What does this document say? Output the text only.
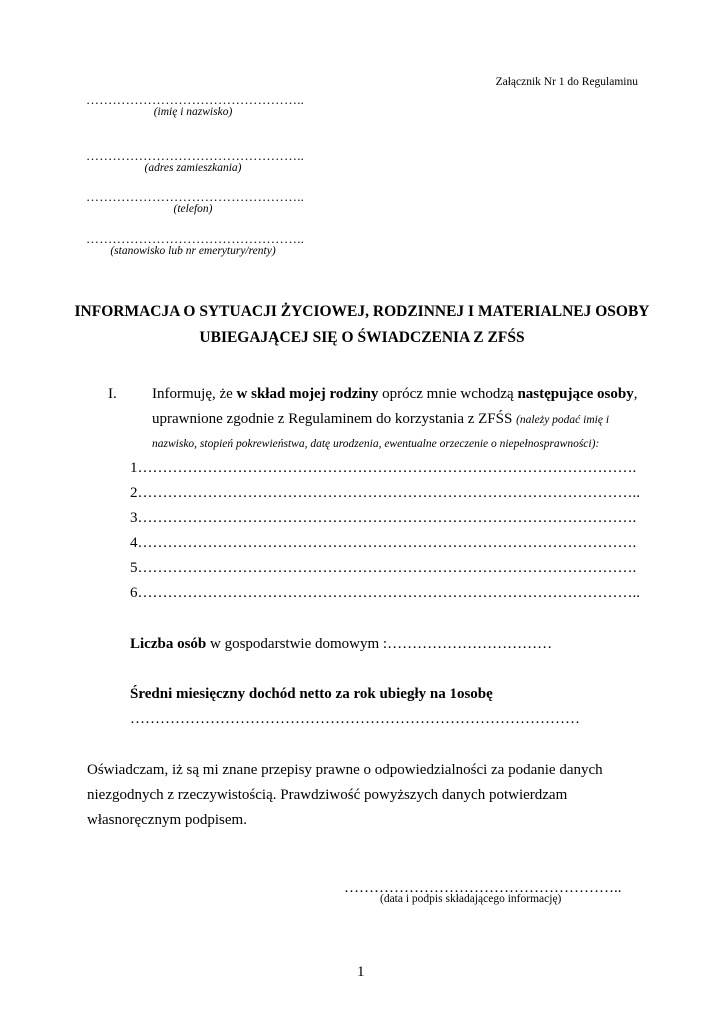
Załącznik Nr 1 do Regulaminu
…………………………………………..
(imię i nazwisko)
…………………………………………..
(adres zamieszkania)
…………………………………………..
(telefon)
…………………………………………..
(stanowisko lub nr emerytury/renty)
INFORMACJA O SYTUACJI ŻYCIOWEJ, RODZINNEJ I MATERIALNEJ OSOBY
UBIEGAJĄCEJ SIĘ O ŚWIADCZENIA Z ZFŚS
I. Informuję, że w skład mojej rodziny oprócz mnie wchodzą następujące osoby,
uprawnione zgodnie z Regulaminem do korzystania z ZFŚS (należy podać imię i
nazwisko, stopień pokrewieństwa, datę urodzenia, ewentualne orzeczenie o niepełnosprawności):
1……………………………………………………………………………………….
2………………………………………………………………………………………..
3……………………………………………………………………………………….
4……………………………………………………………………………………….
5……………………………………………………………………………………….
6………………………………………………………………………………………..
Liczba osób w gospodarstwie domowym :……………………………
Średni miesięczny dochód netto za rok ubiegły na 1osobę
………………………………………………………………………………
Oświadczam, iż są mi znane przepisy prawne o odpowiedzialności za podanie danych
niezgodnych z rzeczywistością. Prawdziwość powyższych danych potwierdzam
własnoręcznym podpisem.
………………………………………………..
(data i podpis składającego informację)
1
